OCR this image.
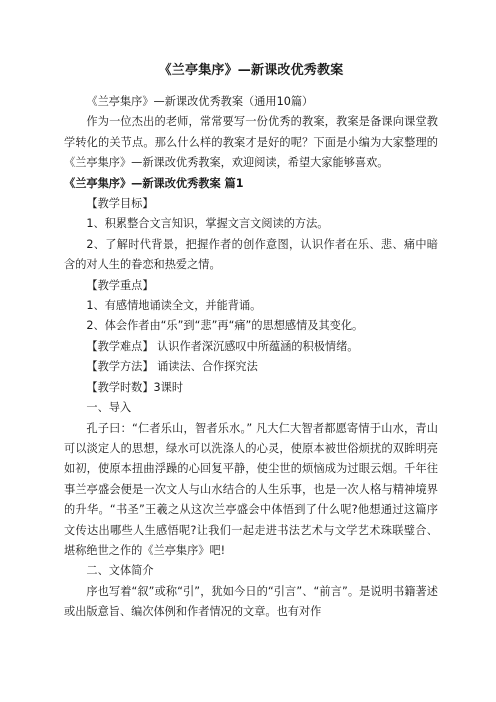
《兰亭集序》—新课改优秀教案

《兰亭集序》—新课改优秀教案（通用10篇）

作为一位杰出的老师，常常要写一份优秀的教案，教案是备课向课堂教学转化的关节点。那么什么样的教案才是好的呢？下面是小编为大家整理的《兰亭集序》—新课改优秀教案，欢迎阅读，希望大家能够喜欢。

《兰亭集序》—新课改优秀教案 篇1

【教学目标】

1、积累整合文言知识，掌握文言文阅读的方法。

2、了解时代背景，把握作者的创作意图，认识作者在乐、悲、痛中暗含的对人生的眷恋和热爱之情。

【教学重点】

1、有感情地诵读全文，并能背诵。

2、体会作者由“乐”到“悲”再“痛”的思想感情及其变化。

【教学难点】 认识作者深沉感叹中所蕴涵的积极情绪。

【教学方法】 诵读法、合作探究法

【教学时数】3课时

一、导入

孔子曰：“仁者乐山，智者乐水。” 凡大仁大智者都愿寄情于山水，青山可以淡定人的思想，绿水可以洗涤人的心灵，使原本被世俗烦扰的双眸明亮如初，使原本扭曲浮躁的心回复平静，使尘世的烦恼成为过眼云烟。千年往事兰亭盛会便是一次文人与山水结合的人生乐事，也是一次人格与精神境界的升华。“书圣”王羲之从这次兰亭盛会中体悟到了什么呢?他想通过这篇序文传达出哪些人生感悟呢?让我们一起走进书法艺术与文学艺术珠联璧合、堪称绝世之作的《兰亭集序》吧!

二、文体简介

序也写着“叙”或称“引”，犹如今日的“引言”、“前言”。是说明书籍著述或出版意旨、编次体例和作者情况的文章。也有对作
